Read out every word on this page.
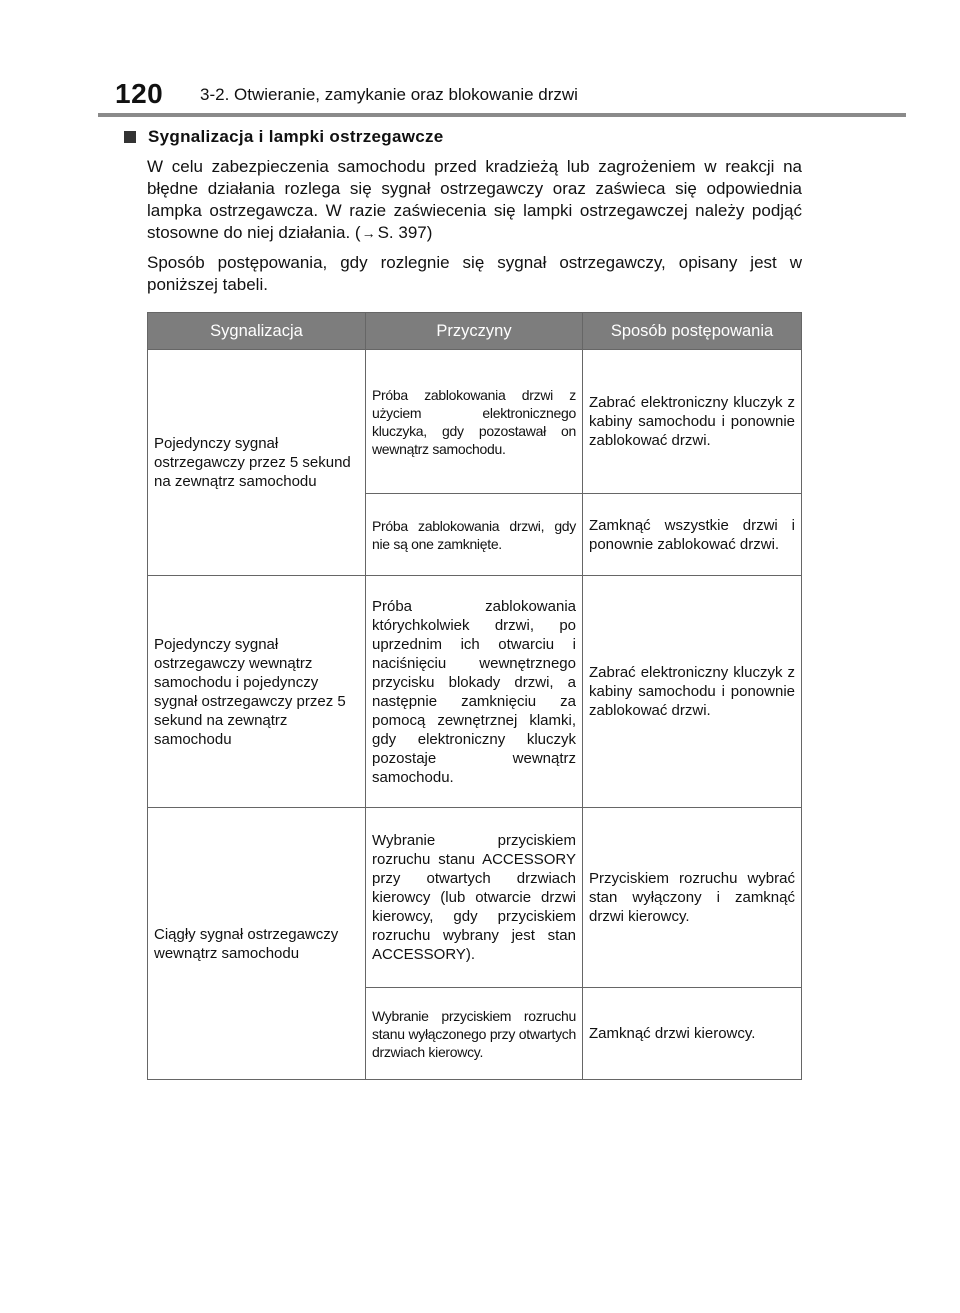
120 3-2. Otwieranie, zamykanie oraz blokowanie drzwi
Sygnalizacja i lampki ostrzegawcze

W celu zabezpieczenia samochodu przed kradzieżą lub zagrożeniem w reakcji na błędne działania rozlega się sygnał ostrzegawczy oraz zaświeca się odpowiednia lampka ostrzegawcza. W razie zaświecenia się lampki ostrzegawczej należy podjąć stosowne do niej działania. (→ S. 397)

Sposób postępowania, gdy rozlegnie się sygnał ostrzegawczy, opisany jest w poniższej tabeli.

Sygnalizacja	Przyczyny	Sposób postępowania
Pojedynczy sygnał ostrzegawczy przez 5 sekund na zewnątrz samochodu	Próba zablokowania drzwi z użyciem elektronicznego kluczyka, gdy pozostawał on wewnątrz samochodu.	Zabrać elektroniczny kluczyk z kabiny samochodu i ponownie zablokować drzwi.
	Próba zablokowania drzwi, gdy nie są one zamknięte.	Zamknąć wszystkie drzwi i ponownie zablokować drzwi.
Pojedynczy sygnał ostrzegawczy wewnątrz samochodu i pojedynczy sygnał ostrzegawczy przez 5 sekund na zewnątrz samochodu	Próba zablokowania którychkolwiek drzwi, po uprzednim ich otwarciu i naciśnięciu wewnętrznego przycisku blokady drzwi, a następnie zamknięciu za pomocą zewnętrznej klamki, gdy elektroniczny kluczyk pozostaje wewnątrz samochodu.	Zabrać elektroniczny kluczyk z kabiny samochodu i ponownie zablokować drzwi.
Ciągły sygnał ostrzegawczy wewnątrz samochodu	Wybranie przyciskiem rozruchu stanu ACCESSORY przy otwartych drzwiach kierowcy (lub otwarcie drzwi kierowcy, gdy przyciskiem rozruchu wybrany jest stan ACCESSORY).	Przyciskiem rozruchu wybrać stan wyłączony i zamknąć drzwi kierowcy.
	Wybranie przyciskiem rozruchu stanu wyłączonego przy otwartych drzwiach kierowcy.	Zamknąć drzwi kierowcy.
